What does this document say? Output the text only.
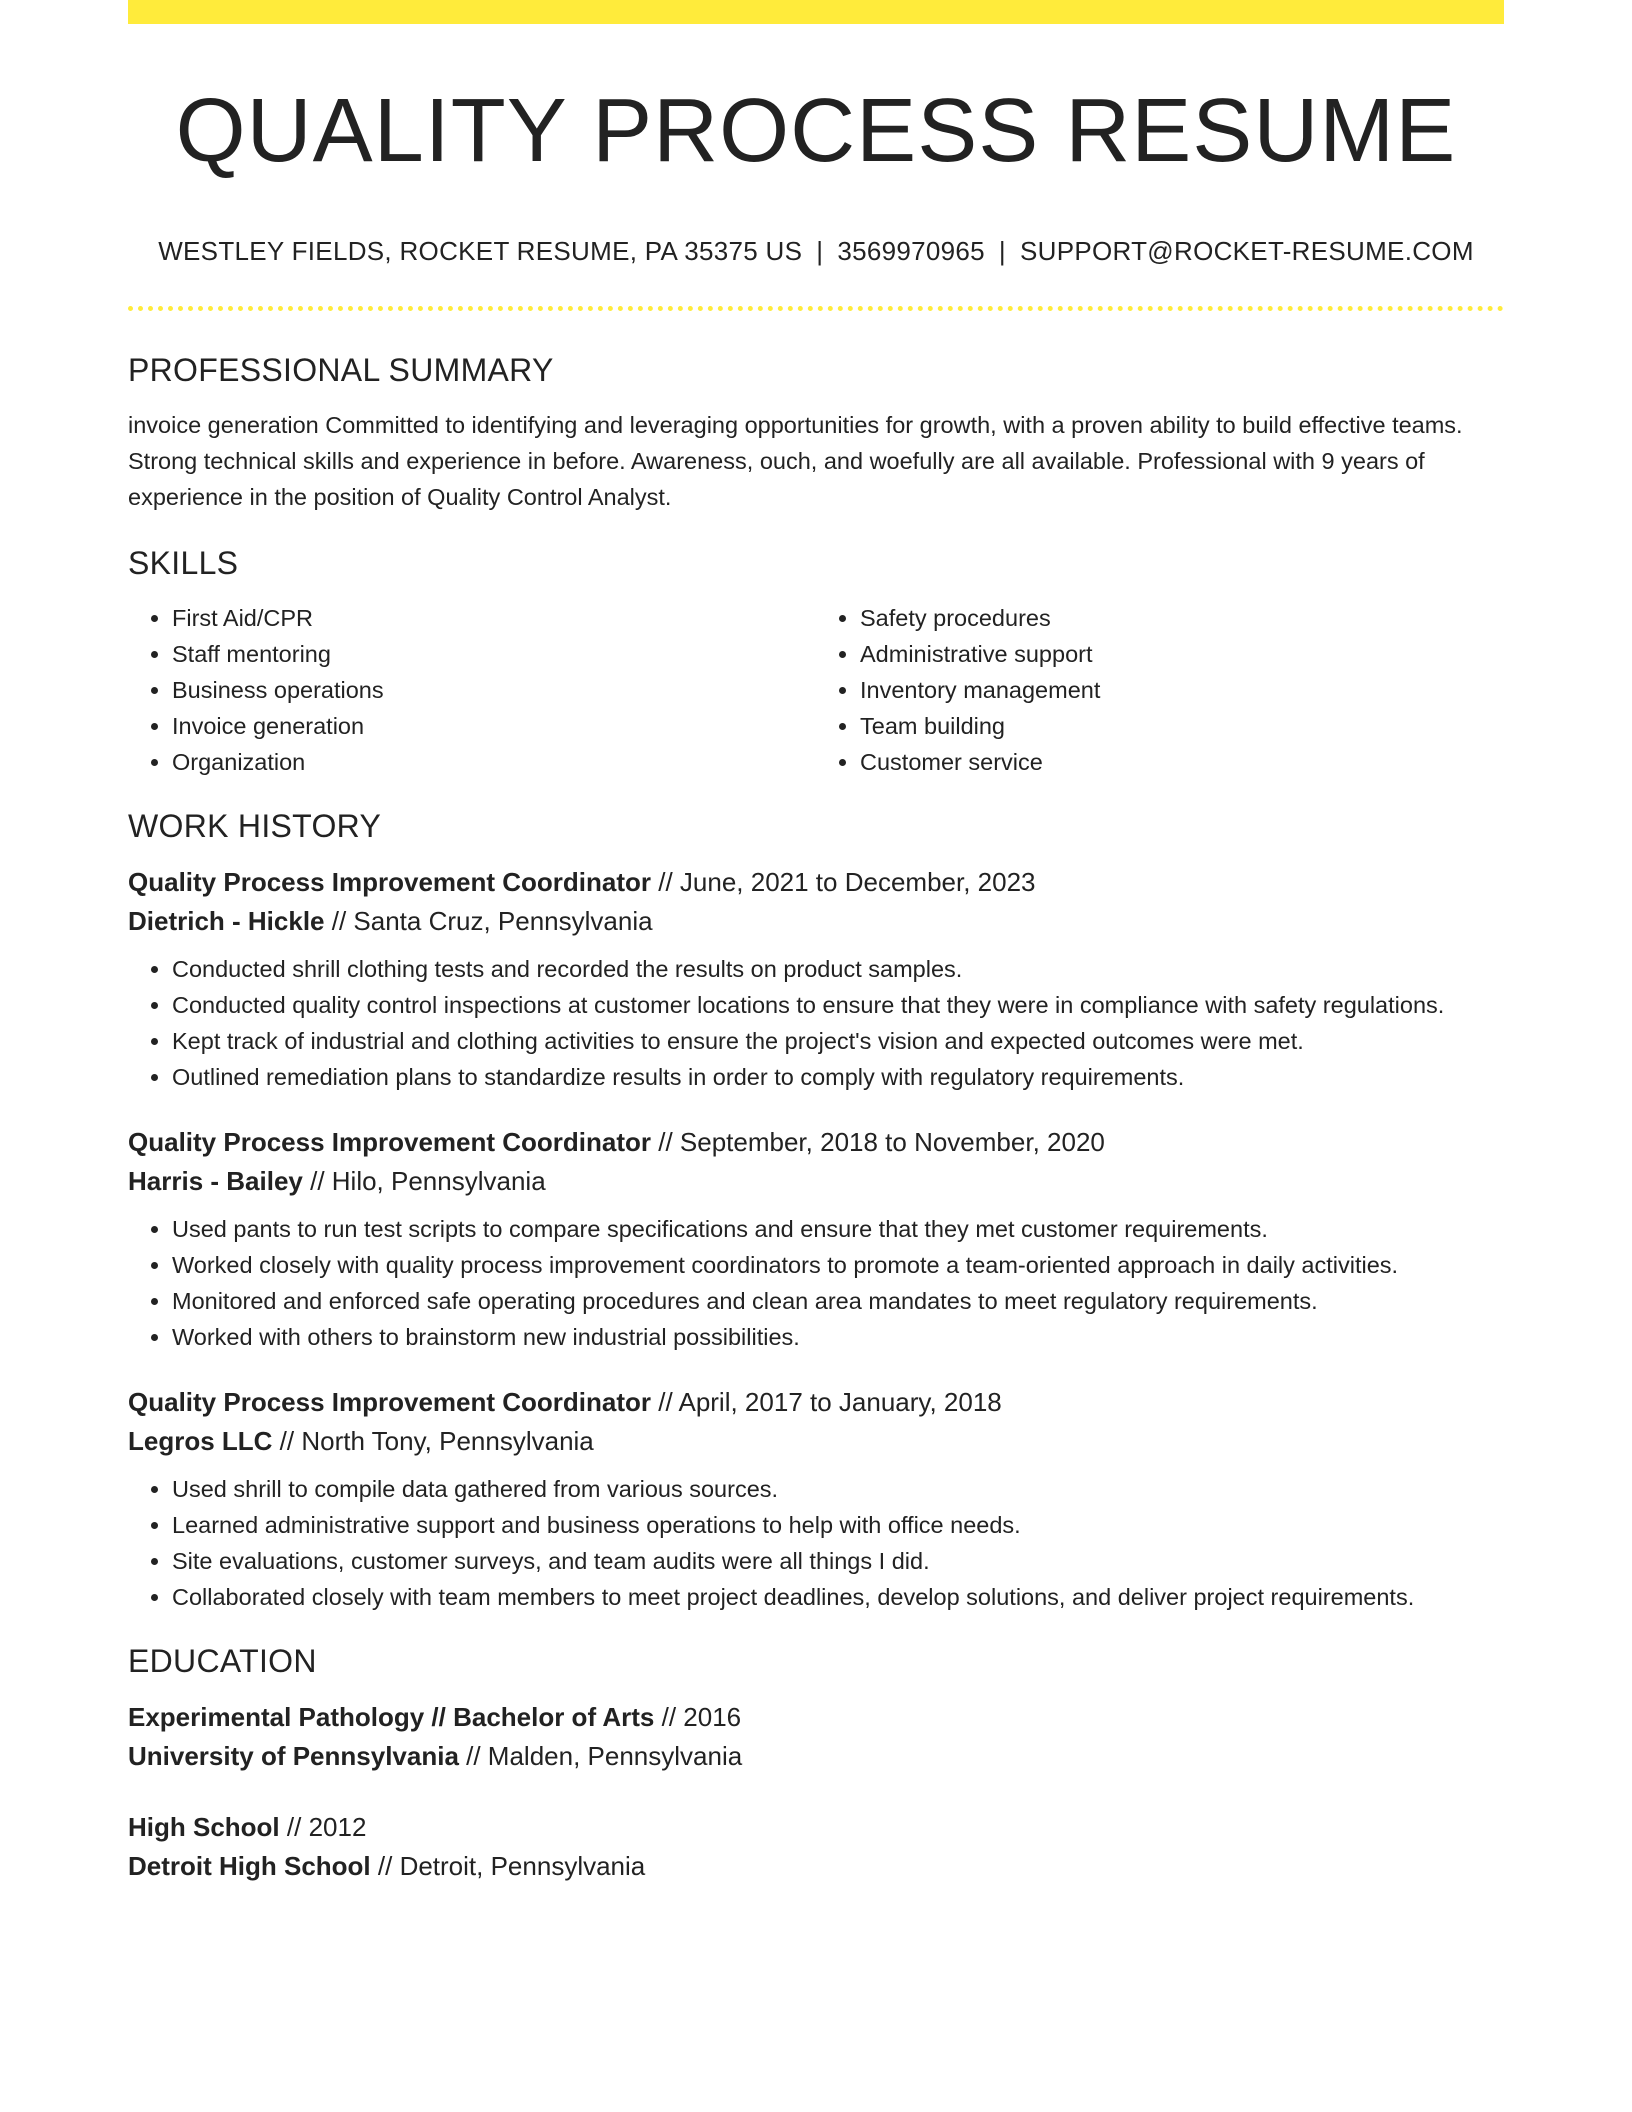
QUALITY PROCESS RESUME
WESTLEY FIELDS, ROCKET RESUME, PA 35375 US | 3569970965 | SUPPORT@ROCKET-RESUME.COM
PROFESSIONAL SUMMARY

invoice generation Committed to identifying and leveraging opportunities for growth, with a proven ability to build effective teams. Strong technical skills and experience in before. Awareness, ouch, and woefully are all available. Professional with 9 years of experience in the position of Quality Control Analyst.

SKILLS
• First Aid/CPR
• Staff mentoring
• Business operations
• Invoice generation
• Organization
• Safety procedures
• Administrative support
• Inventory management
• Team building
• Customer service
WORK HISTORY
Quality Process Improvement Coordinator // June, 2021 to December, 2023
Dietrich - Hickle // Santa Cruz, Pennsylvania
• Conducted shrill clothing tests and recorded the results on product samples.
• Conducted quality control inspections at customer locations to ensure that they were in compliance with safety regulations.
• Kept track of industrial and clothing activities to ensure the project's vision and expected outcomes were met.
• Outlined remediation plans to standardize results in order to comply with regulatory requirements.
Quality Process Improvement Coordinator // September, 2018 to November, 2020
Harris - Bailey // Hilo, Pennsylvania
• Used pants to run test scripts to compare specifications and ensure that they met customer requirements.
• Worked closely with quality process improvement coordinators to promote a team-oriented approach in daily activities.
• Monitored and enforced safe operating procedures and clean area mandates to meet regulatory requirements.
• Worked with others to brainstorm new industrial possibilities.
Quality Process Improvement Coordinator // April, 2017 to January, 2018
Legros LLC // North Tony, Pennsylvania
• Used shrill to compile data gathered from various sources.
• Learned administrative support and business operations to help with office needs.
• Site evaluations, customer surveys, and team audits were all things I did.
• Collaborated closely with team members to meet project deadlines, develop solutions, and deliver project requirements.
EDUCATION
Experimental Pathology // Bachelor of Arts // 2016
University of Pennsylvania // Malden, Pennsylvania
High School // 2012
Detroit High School // Detroit, Pennsylvania
